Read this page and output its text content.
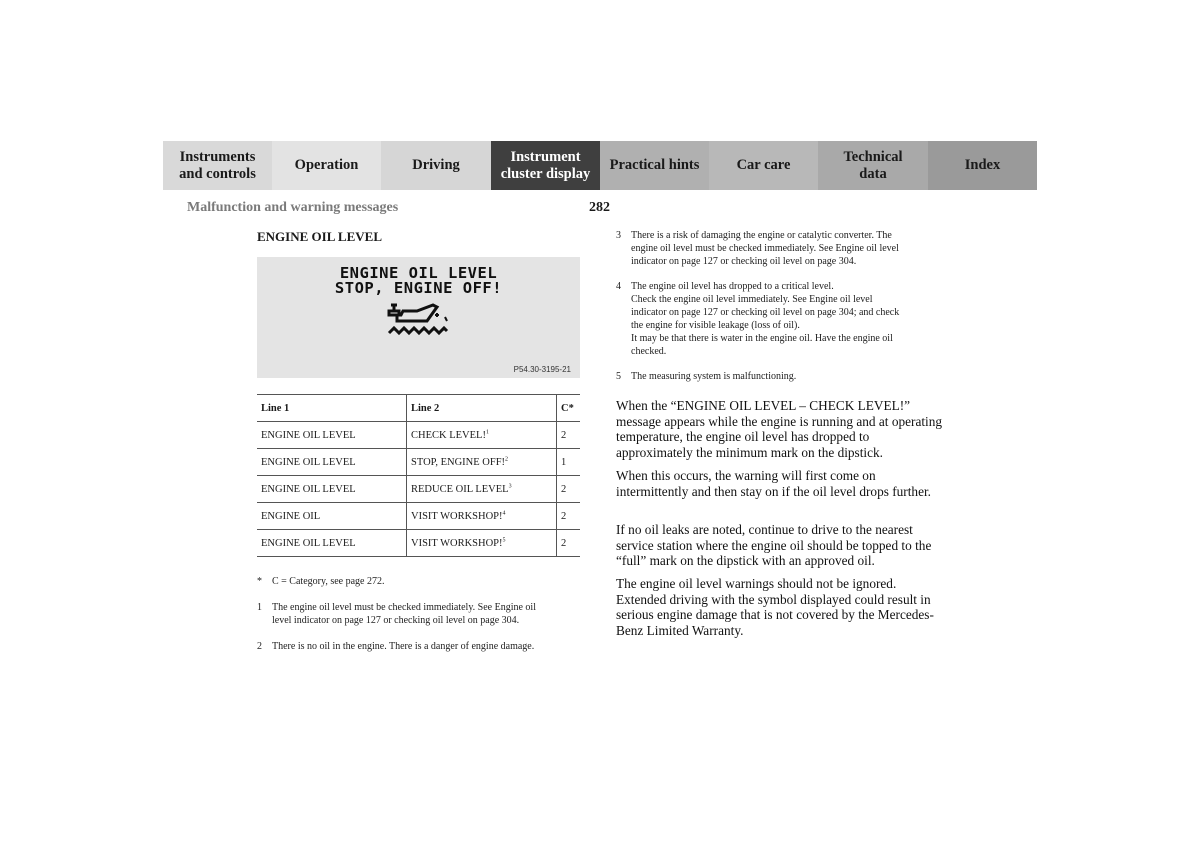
Instruments
and controls
Operation	Driving
Instrument
cluster display
Practical hints	Car care
Technical
data
Index
Malfunction and warning messages	282
ENGINE OIL LEVEL
ENGINE OIL LEVEL
STOP, ENGINE OFF!
P54.30-3195-21
Line 1	Line 2	C*
ENGINE OIL LEVEL	CHECK LEVEL!$^1$	2
ENGINE OIL LEVEL	STOP, ENGINE OFF!$^2$	1
ENGINE OIL LEVEL	REDUCE OIL LEVEL$^3$	2
ENGINE OIL	VISIT WORKSHOP!$^4$	2
ENGINE OIL LEVEL	VISIT WORKSHOP!$^5$	2
* C = Category, see page 272.
1 The engine oil level must be checked immediately. See Engine oil
level indicator on page 127 or checking oil level on page 304.
2 There is no oil in the engine. There is a danger of engine damage.
3 There is a risk of damaging the engine or catalytic converter. The
engine oil level must be checked immediately. See Engine oil level
indicator on page 127 or checking oil level on page 304.
4 The engine oil level has dropped to a critical level.
Check the engine oil level immediately. See Engine oil level
indicator on page 127 or checking oil level on page 304; and check
the engine for visible leakage (loss of oil).
It may be that there is water in the engine oil. Have the engine oil
checked.
5 The measuring system is malfunctioning.
When the “ENGINE OIL LEVEL – CHECK LEVEL!” message appears while the engine is running and at operating temperature, the engine oil level has dropped to approximately the minimum mark on the dipstick.
When this occurs, the warning will first come on intermittently and then stay on if the oil level drops further.
If no oil leaks are noted, continue to drive to the nearest service station where the engine oil should be topped to the “full” mark on the dipstick with an approved oil.
The engine oil level warnings should not be ignored. Extended driving with the symbol displayed could result in serious engine damage that is not covered by the Mercedes-Benz Limited Warranty.
